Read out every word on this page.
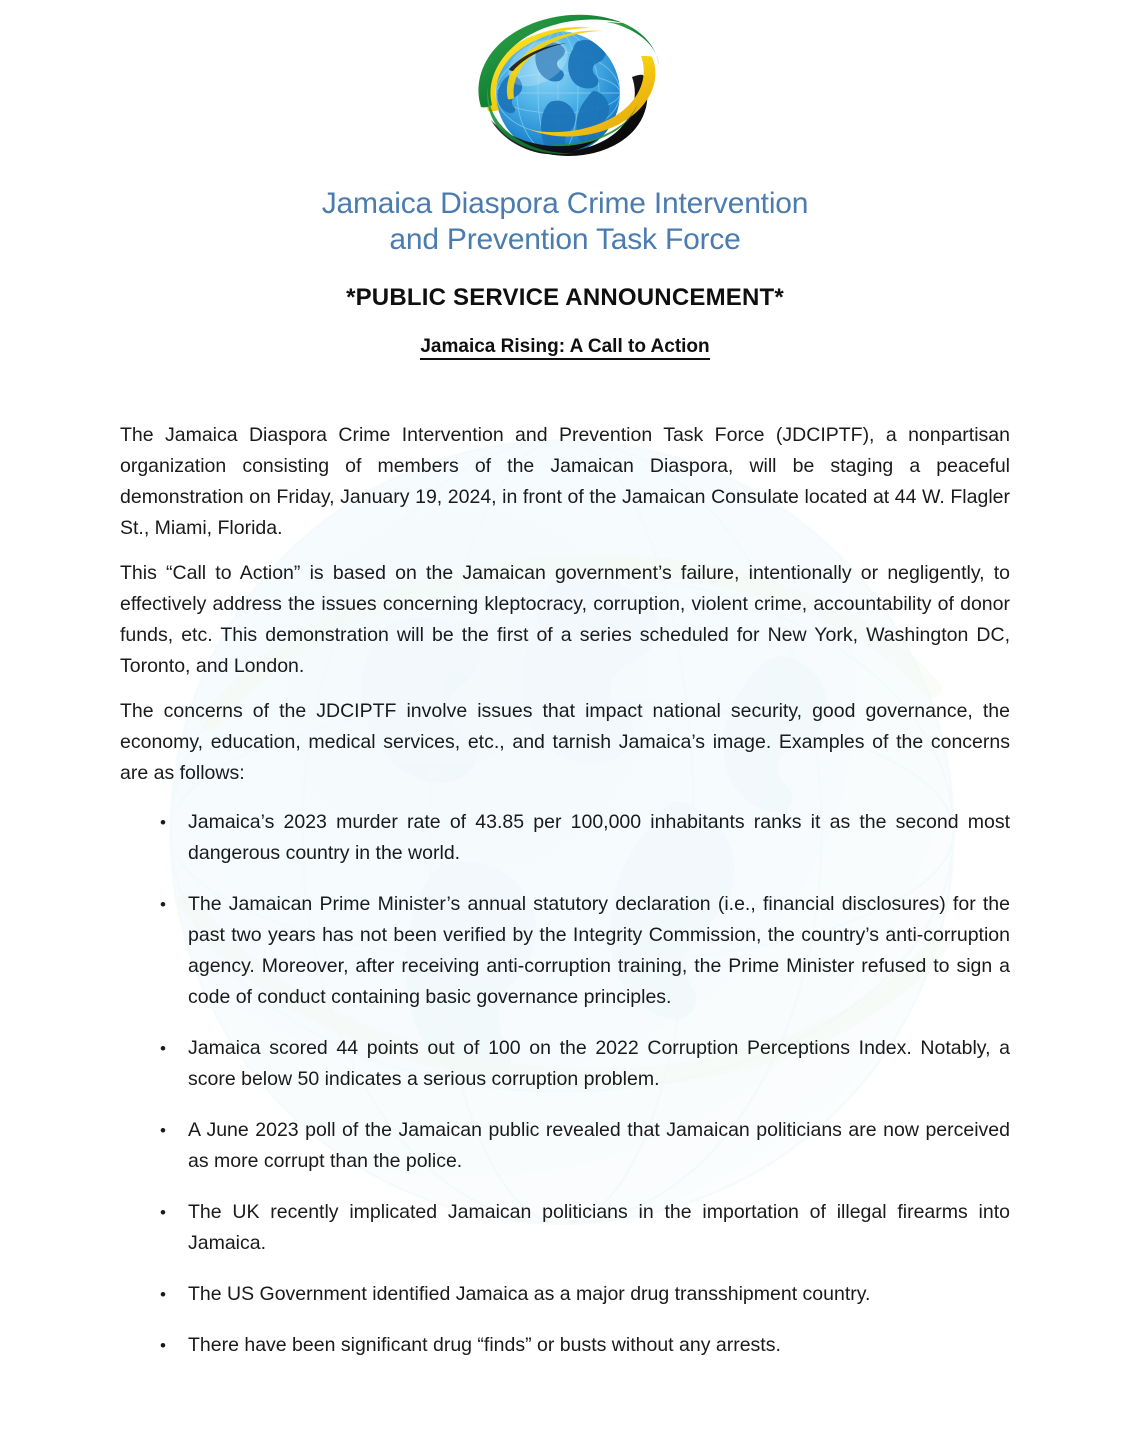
Jamaica Diaspora Crime Intervention
and Prevention Task Force
*PUBLIC SERVICE ANNOUNCEMENT*
Jamaica Rising: A Call to Action

The Jamaica Diaspora Crime Intervention and Prevention Task Force (JDCIPTF), a nonpartisan organization consisting of members of the Jamaican Diaspora, will be staging a peaceful demonstration on Friday, January 19, 2024, in front of the Jamaican Consulate located at 44 W. Flagler St., Miami, Florida.

This “Call to Action” is based on the Jamaican government’s failure, intentionally or negligently, to effectively address the issues concerning kleptocracy, corruption, violent crime, accountability of donor funds, etc. This demonstration will be the first of a series scheduled for New York, Washington DC, Toronto, and London.

The concerns of the JDCIPTF involve issues that impact national security, good governance, the economy, education, medical services, etc., and tarnish Jamaica’s image. Examples of the concerns are as follows:

• Jamaica’s 2023 murder rate of 43.85 per 100,000 inhabitants ranks it as the second most dangerous country in the world.
• The Jamaican Prime Minister’s annual statutory declaration (i.e., financial disclosures) for the past two years has not been verified by the Integrity Commission, the country’s anti-corruption agency. Moreover, after receiving anti-corruption training, the Prime Minister refused to sign a code of conduct containing basic governance principles.
• Jamaica scored 44 points out of 100 on the 2022 Corruption Perceptions Index. Notably, a score below 50 indicates a serious corruption problem.
• A June 2023 poll of the Jamaican public revealed that Jamaican politicians are now perceived as more corrupt than the police.
• The UK recently implicated Jamaican politicians in the importation of illegal firearms into Jamaica.
• The US Government identified Jamaica as a major drug transshipment country.
• There have been significant drug “finds” or busts without any arrests.
